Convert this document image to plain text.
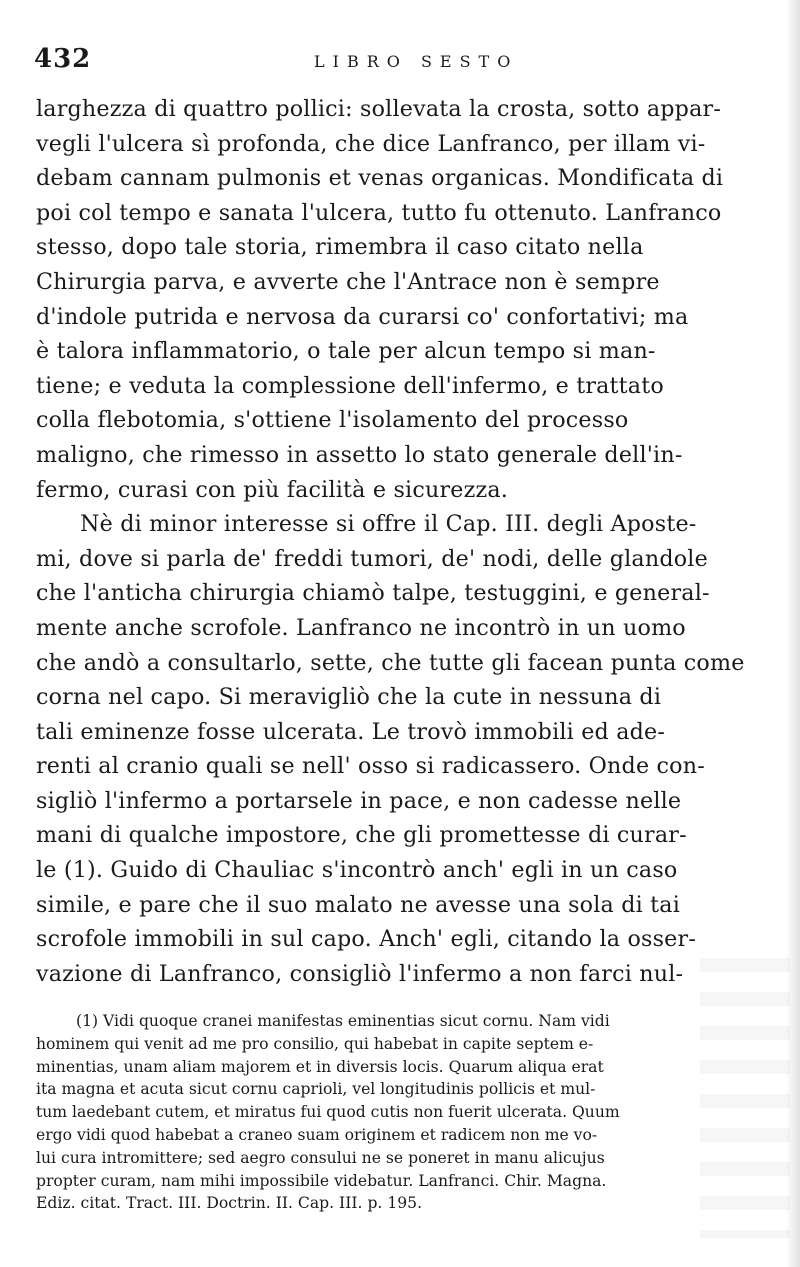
432	LIBRO SESTO
larghezza di quattro pollici: sollevata la crosta, sotto appar-
vegli l'ulcera sì profonda, che dice Lanfranco, per illam vi-
debam cannam pulmonis et venas organicas. Mondificata di
poi col tempo e sanata l'ulcera, tutto fu ottenuto. Lanfranco
stesso, dopo tale storia, rimembra il caso citato nella
Chirurgia parva, e avverte che l'Antrace non è sempre
d'indole putrida e nervosa da curarsi co' confortativi; ma
è talora inflammatorio, o tale per alcun tempo si man-
tiene; e veduta la complessione dell'infermo, e trattato
colla flebotomia, s'ottiene l'isolamento del processo
maligno, che rimesso in assetto lo stato generale dell'in-
fermo, curasi con più facilità e sicurezza.
Nè di minor interesse si offre il Cap. III. degli Aposte-
mi, dove si parla de' freddi tumori, de' nodi, delle glandole
che l'anticha chirurgia chiamò talpe, testuggini, e general-
mente anche scrofole. Lanfranco ne incontrò in un uomo
che andò a consultarlo, sette, che tutte gli facean punta come
corna nel capo. Si meravigliò che la cute in nessuna di
tali eminenze fosse ulcerata. Le trovò immobili ed ade-
renti al cranio quali se nell' osso si radicassero. Onde con-
sigliò l'infermo a portarsele in pace, e non cadesse nelle
mani di qualche impostore, che gli promettesse di curar-
le (1). Guido di Chauliac s'incontrò anch' egli in un caso
simile, e pare che il suo malato ne avesse una sola di tai
scrofole immobili in sul capo. Anch' egli, citando la osser-
vazione di Lanfranco, consigliò l'infermo a non farci nul-
(1) Vidi quoque cranei manifestas eminentias sicut cornu. Nam vidi
hominem qui venit ad me pro consilio, qui habebat in capite septem e-
minentias, unam aliam majorem et in diversis locis. Quarum aliqua erat
ita magna et acuta sicut cornu caprioli, vel longitudinis pollicis et mul-
tum laedebant cutem, et miratus fui quod cutis non fuerit ulcerata. Quum
ergo vidi quod habebat a craneo suam originem et radicem non me vo-
lui cura intromittere; sed aegro consului ne se poneret in manu alicujus
propter curam, nam mihi impossibile videbatur. Lanfranci. Chir. Magna.
Ediz. citat. Tract. III. Doctrin. II. Cap. III. p. 195.
